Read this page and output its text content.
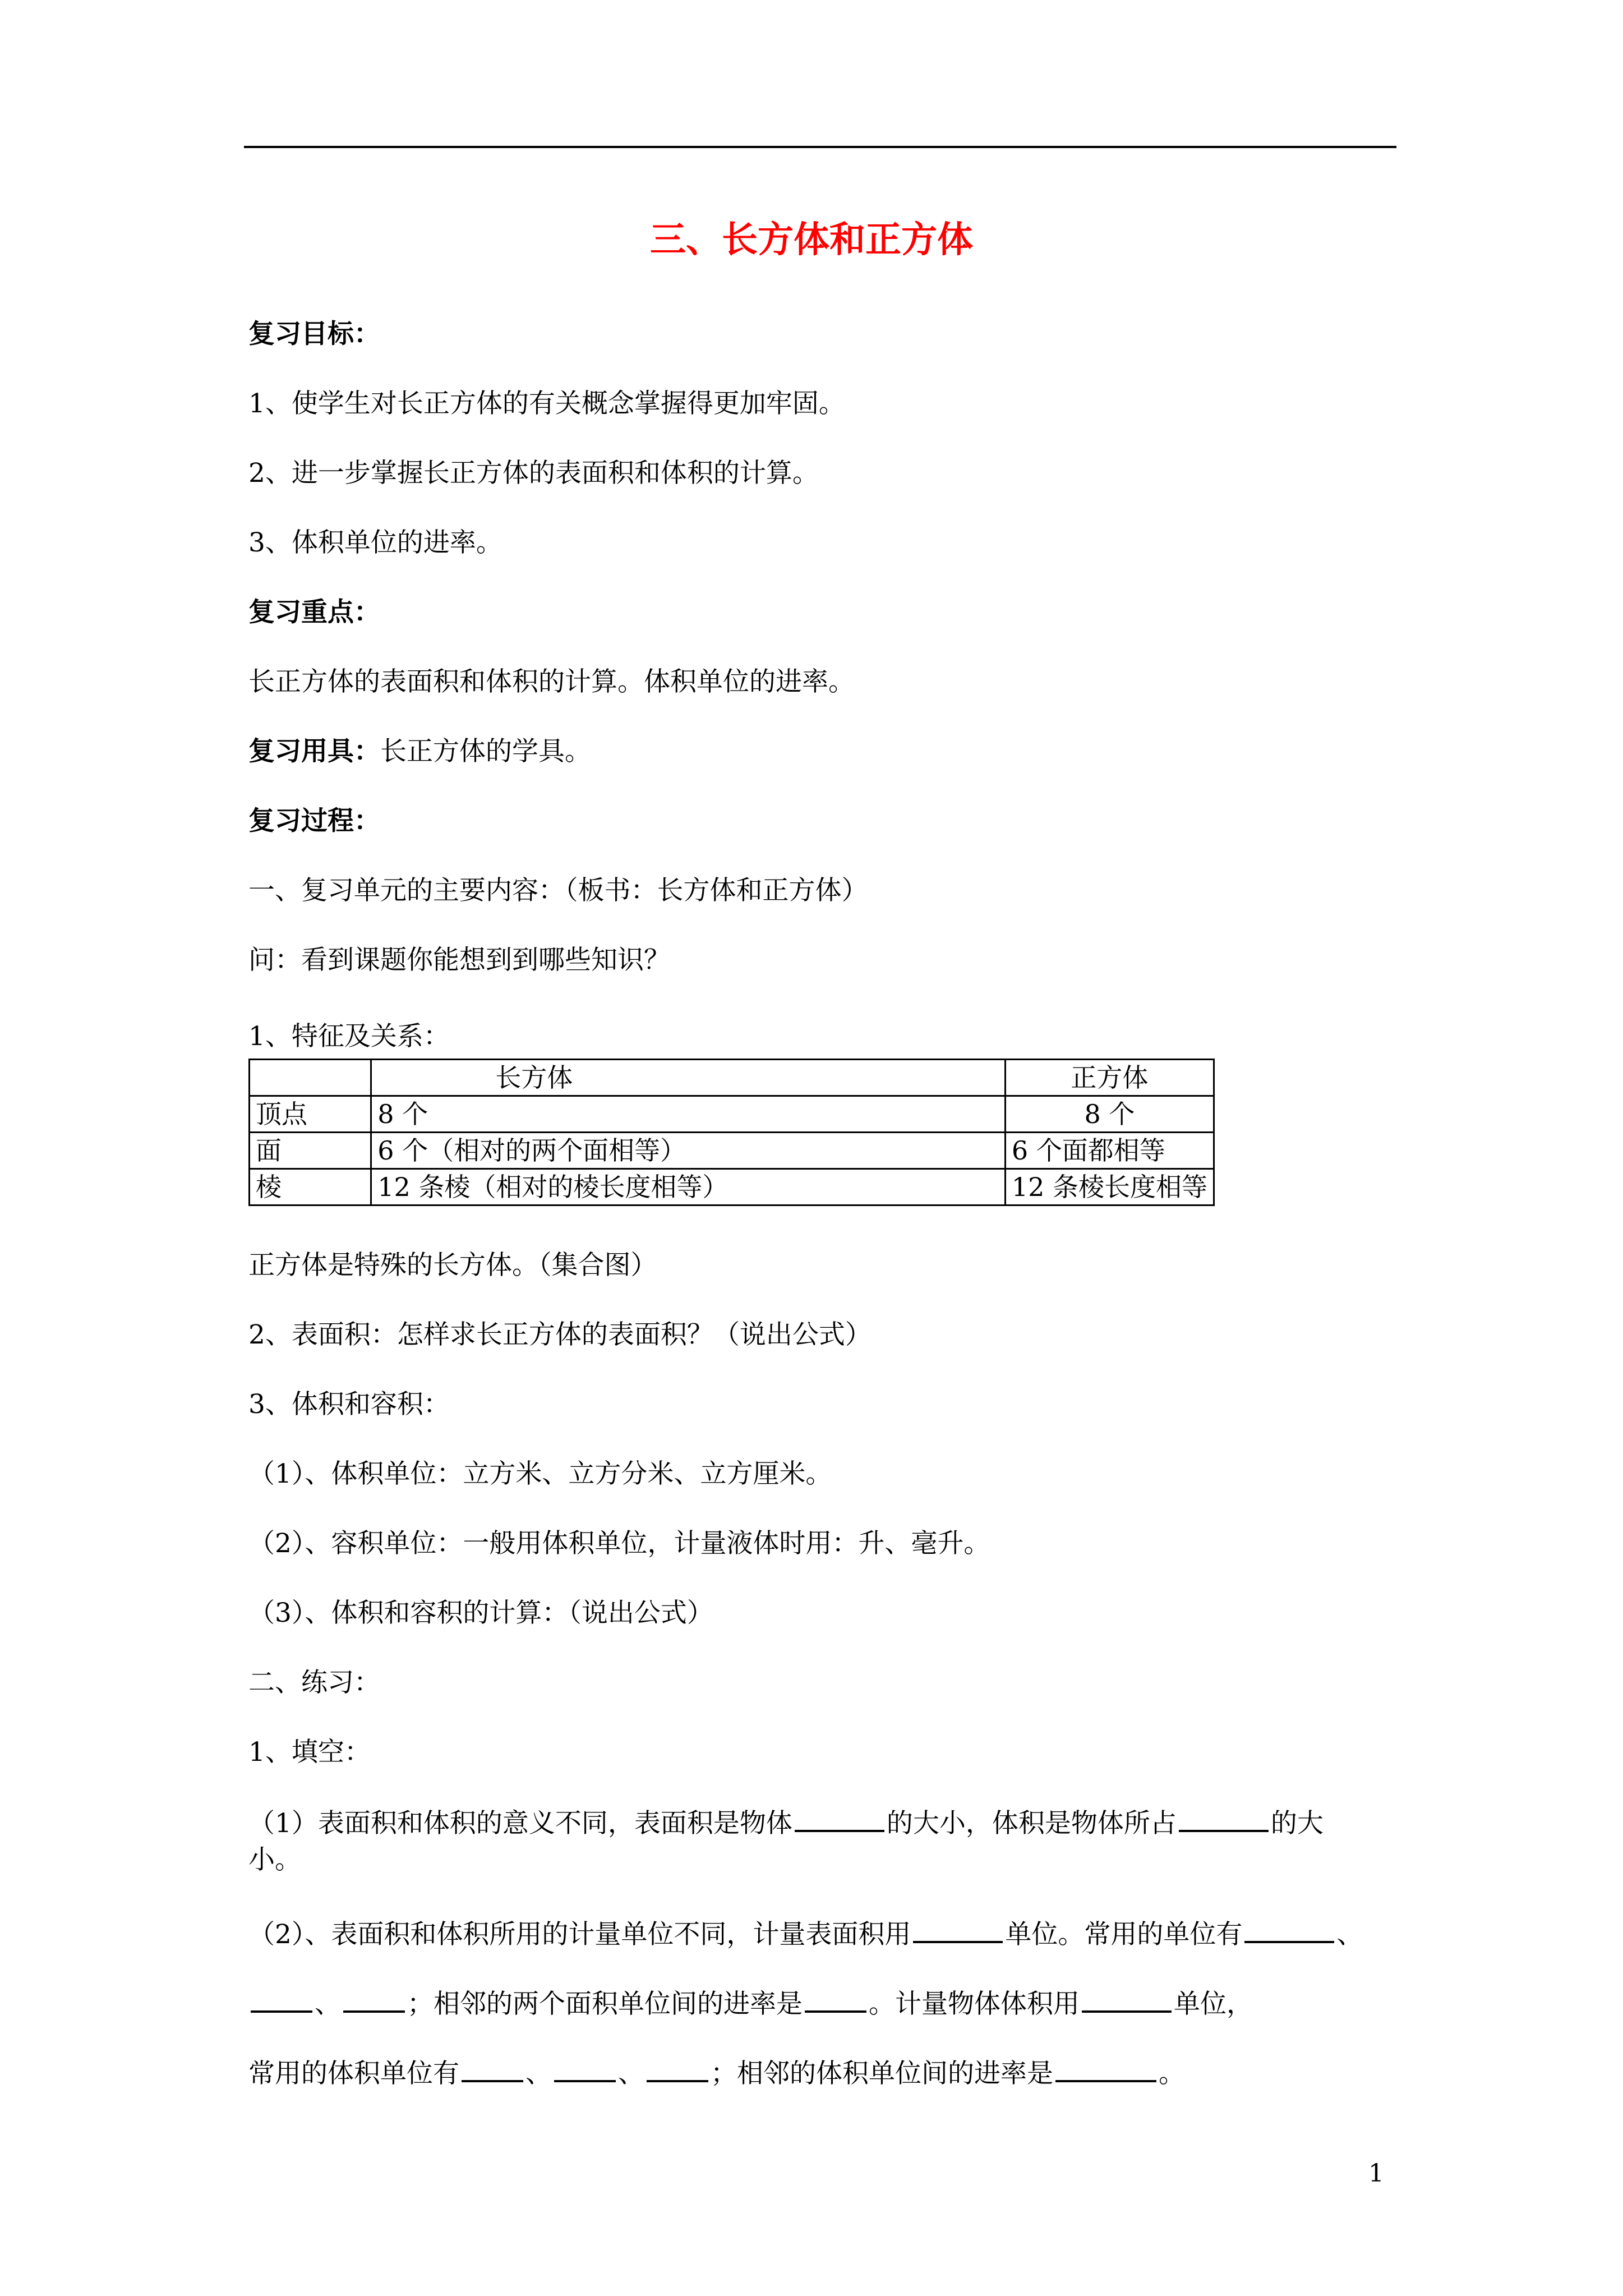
三、长方体和正方体
复习目标：
1、使学生对长正方体的有关概念掌握得更加牢固。
2、进一步掌握长正方体的表面积和体积的计算。
3、体积单位的进率。
复习重点：
长正方体的表面积和体积的计算。体积单位的进率。
复习用具：长正方体的学具。
复习过程：
一、复习单元的主要内容：（板书：长方体和正方体）
问：看到课题你能想到到哪些知识？
1、特征及关系：
	长方体	正方体
顶点	8 个	8 个
面	6 个（相对的两个面相等）	6 个面都相等
棱	12 条棱（相对的棱长度相等）	12 条棱长度相等
正方体是特殊的长方体。（集合图）
2、表面积：怎样求长正方体的表面积？（说出公式）
3、体积和容积：
（1）、体积单位：立方米、立方分米、立方厘米。
（2）、容积单位：一般用体积单位，计量液体时用：升、毫升。
（3）、体积和容积的计算：（说出公式）
二、练习：
1、填空：
（1）表面积和体积的意义不同，表面积是物体	的大小，体积是物体所占	的大
小。
（2）、表面积和体积所用的计量单位不同，计量表面积用	单位。常用的单位有	、
、	；相邻的两个面积单位间的进率是	。计量物体体积用	单位，
常用的体积单位有	、	、	；相邻的体积单位间的进率是	。
1
